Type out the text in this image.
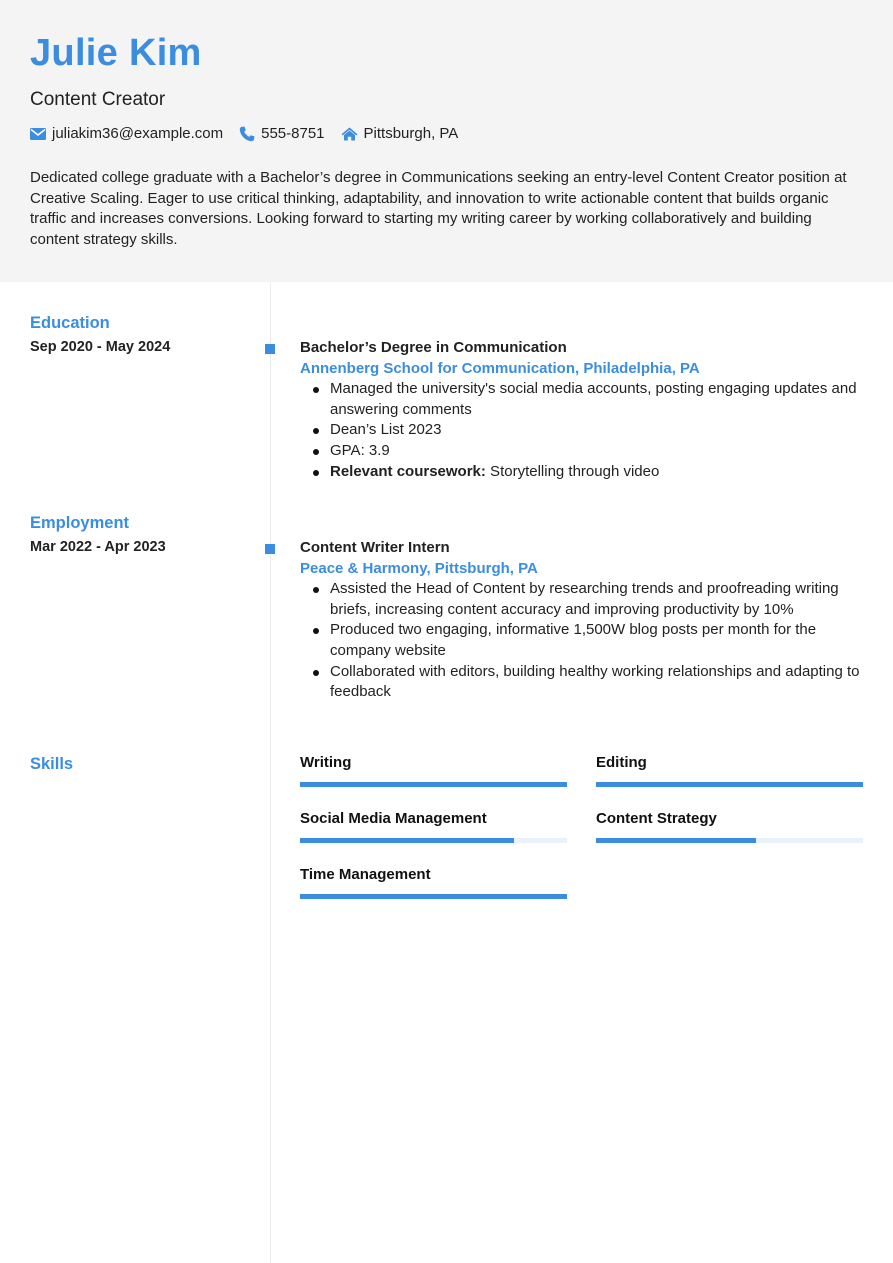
Julie Kim
Content Creator
juliakim36@example.com	555-8751	Pittsburgh, PA
Dedicated college graduate with a Bachelor’s degree in Communications seeking an entry-level Content Creator position at Creative Scaling. Eager to use critical thinking, adaptability, and innovation to write actionable content that builds organic traffic and increases conversions. Looking forward to starting my writing career by working collaboratively and building content strategy skills.
Education
Sep 2020 - May 2024	Bachelor’s Degree in Communication
Annenberg School for Communication, Philadelphia, PA
Managed the university's social media accounts, posting engaging updates and answering comments
Dean’s List 2023
GPA: 3.9
Relevant coursework: Storytelling through video
Employment
Mar 2022 - Apr 2023	Content Writer Intern
Peace & Harmony, Pittsburgh, PA
Assisted the Head of Content by researching trends and proofreading writing briefs, increasing content accuracy and improving productivity by 10%
Produced two engaging, informative 1,500W blog posts per month for the company website
Collaborated with editors, building healthy working relationships and adapting to feedback
Skills	Writing	Editing
Social Media Management	Content Strategy
Time Management
